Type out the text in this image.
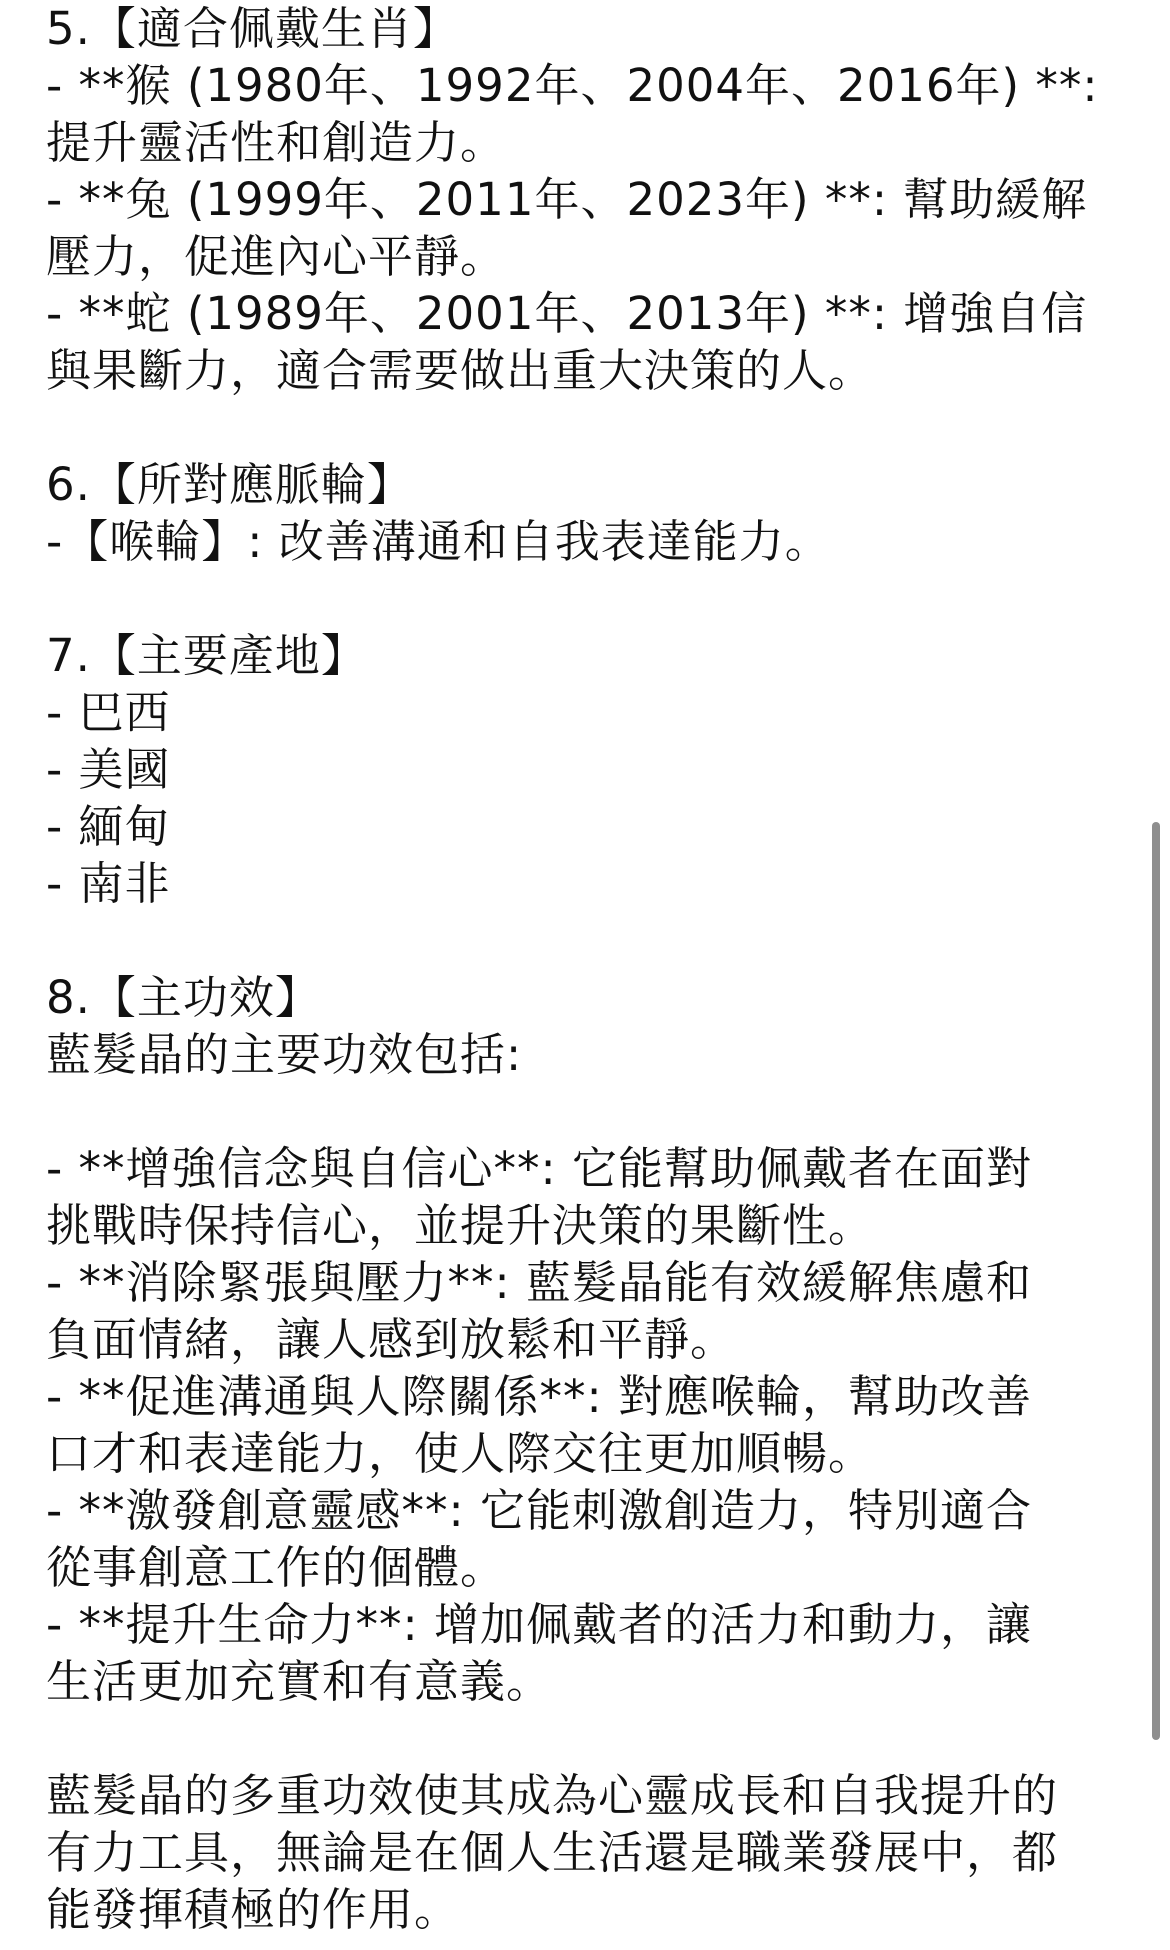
5.【適合佩戴生肖】
- **猴 (1980年、1992年、2004年、2016年) **:
提升靈活性和創造力。
- **兔 (1999年、2011年、2023年) **: 幫助緩解
壓力，促進內心平靜。
- **蛇 (1989年、2001年、2013年) **: 增強自信
與果斷力，適合需要做出重大決策的人。
6.【所對應脈輪】
-【喉輪】: 改善溝通和自我表達能力。
7.【主要產地】
- 巴西
- 美國
- 緬甸
- 南非
8.【主功效】
藍髮晶的主要功效包括:
- **增強信念與自信心**: 它能幫助佩戴者在面對
挑戰時保持信心，並提升決策的果斷性。
- **消除緊張與壓力**: 藍髮晶能有效緩解焦慮和
負面情緒，讓人感到放鬆和平靜。
- **促進溝通與人際關係**: 對應喉輪，幫助改善
口才和表達能力，使人際交往更加順暢。
- **激發創意靈感**: 它能刺激創造力，特別適合
從事創意工作的個體。
- **提升生命力**: 增加佩戴者的活力和動力，讓
生活更加充實和有意義。
藍髮晶的多重功效使其成為心靈成長和自我提升的
有力工具，無論是在個人生活還是職業發展中，都
能發揮積極的作用。
